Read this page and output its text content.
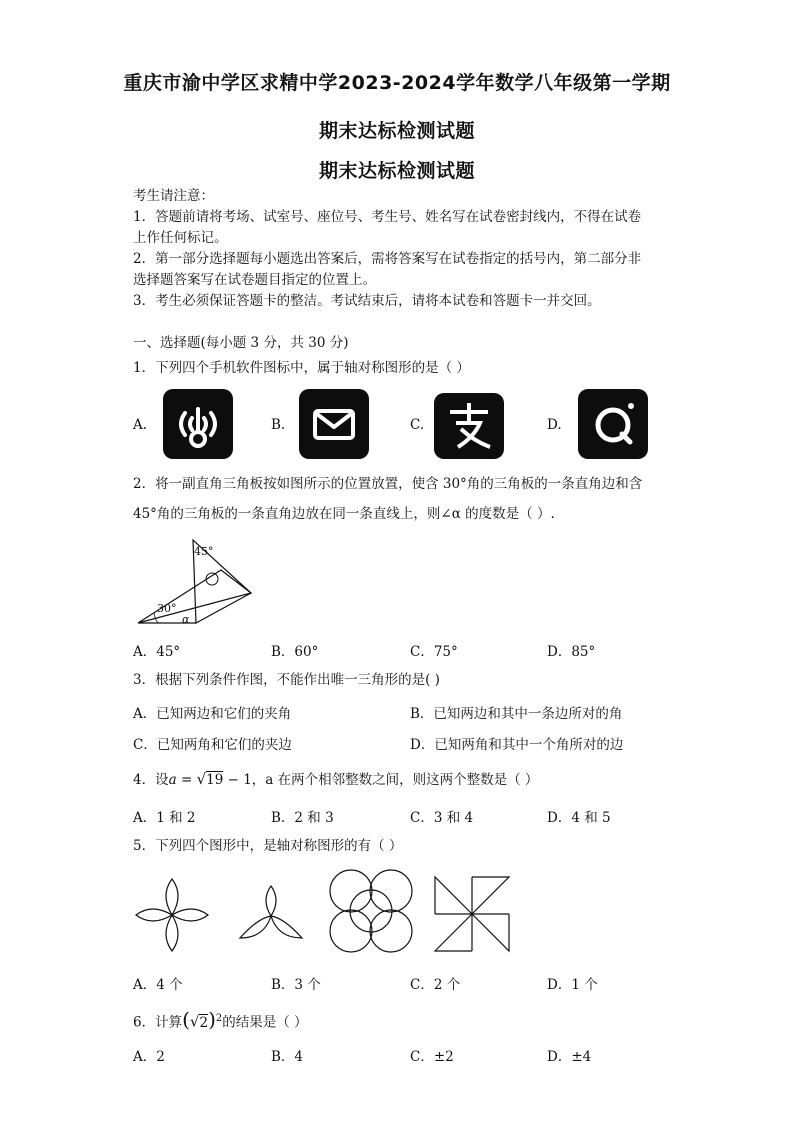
重庆市渝中学区求精中学2023-2024学年数学八年级第一学期
期末达标检测试题
期末达标检测试题
考生请注意：
1．答题前请将考场、试室号、座位号、考生号、姓名写在试卷密封线内，不得在试卷
上作任何标记。
2．第一部分选择题每小题选出答案后，需将答案写在试卷指定的括号内，第二部分非
选择题答案写在试卷题目指定的位置上。
3．考生必须保证答题卡的整洁。考试结束后，请将本试卷和答题卡一并交回。
一、选择题(每小题 3 分，共 30 分)
1．下列四个手机软件图标中，属于轴对称图形的是（ ）
A.	B.	C.	D.
2．将一副直角三角板按如图所示的位置放置，使含 30°角的三角板的一条直角边和含
45°角的三角板的一条直角边放在同一条直线上，则∠α 的度数是（ ）.
45°
30°
α
A．45°	B．60°	C．75°	D．85°
3．根据下列条件作图，不能作出唯一三角形的是( )
A．已知两边和它们的夹角	B．已知两边和其中一条边所对的角
C．已知两角和它们的夹边	D．已知两角和其中一个角所对的边
4．设a = √19 − 1，a 在两个相邻整数之间，则这两个整数是（ ）
A．1 和 2	B．2 和 3	C．3 和 4	D．4 和 5
5．下列四个图形中，是轴对称图形的有（ ）
A．4 个	B．3 个	C．2 个	D．1 个
6．计算$(√2)^2$的结果是（ ）
A．2	B．4	C．±2	D．±4
